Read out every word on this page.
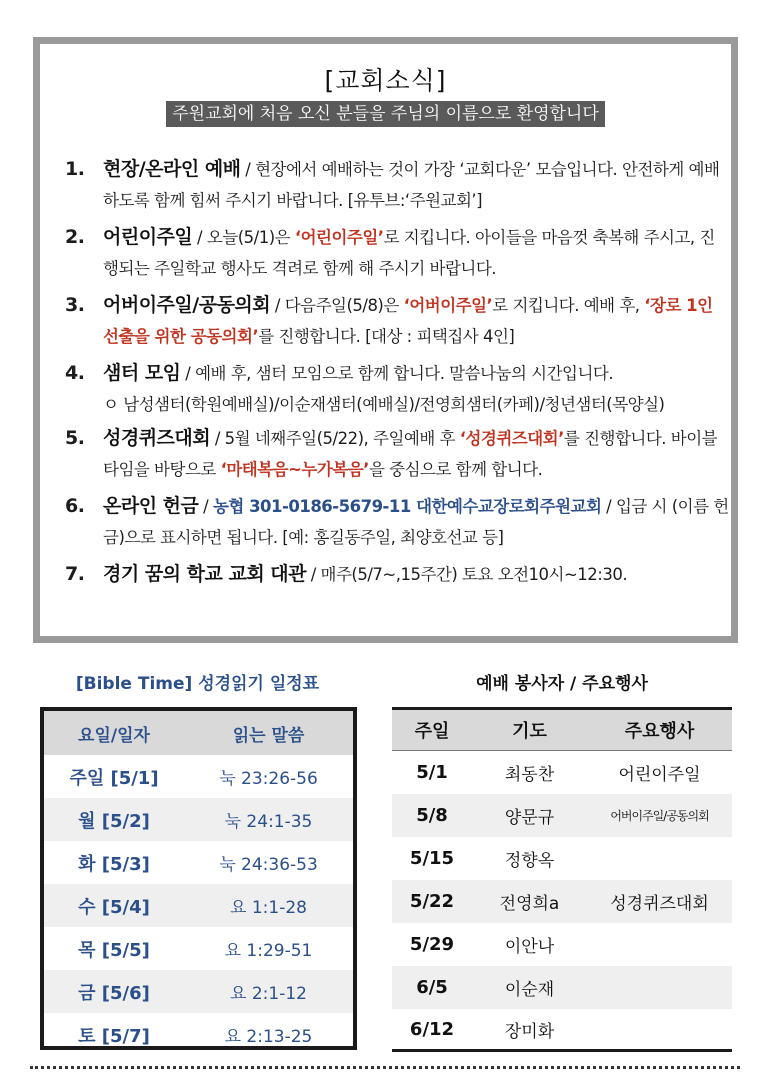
[교회소식]
주원교회에 처음 오신 분들을 주님의 이름으로 환영합니다
1. 현장/온라인 예배 / 현장에서 예배하는 것이 가장 ‘교회다운’ 모습입니다. 안전하게 예배하도록 함께 힘써 주시기 바랍니다. [유투브:‘주원교회’]
2. 어린이주일 / 오늘(5/1)은 ‘어린이주일’로 지킵니다. 아이들을 마음껏 축복해 주시고, 진행되는 주일학교 행사도 격려로 함께 해 주시기 바랍니다.
3. 어버이주일/공동의회 / 다음주일(5/8)은 ‘어버이주일’로 지킵니다. 예배 후, ‘장로 1인 선출을 위한 공동의회’를 진행합니다. [대상 : 피택집사 4인]
4. 샘터 모임 / 예배 후, 샘터 모임으로 함께 합니다. 말씀나눔의 시간입니다.
ㅇ 남성샘터(학원예배실)/이순재샘터(예배실)/전영희샘터(카페)/청년샘터(목양실)
5. 성경퀴즈대회 / 5월 네째주일(5/22), 주일예배 후 ‘성경퀴즈대회’를 진행합니다. 바이블타임을 바탕으로 ‘마태복음~누가복음’을 중심으로 함께 합니다.
6. 온라인 헌금 / 농협 301-0186-5679-11 대한예수교장로회주원교회 / 입금 시 (이름 헌금)으로 표시하면 됩니다. [예: 홍길동주일, 최양호선교 등]
7. 경기 꿈의 학교 교회 대관 / 매주(5/7~,15주간) 토요 오전10시~12:30.
[Bible Time] 성경읽기 일정표
요일/일자	읽는 말씀
주일 [5/1]	눅 23:26-56
월 [5/2]	눅 24:1-35
화 [5/3]	눅 24:36-53
수 [5/4]	요 1:1-28
목 [5/5]	요 1:29-51
금 [5/6]	요 2:1-12
토 [5/7]	요 2:13-25
예배 봉사자 / 주요행사
주일	기도	주요행사
5/1	최동찬	어린이주일
5/8	양문규	어버이주일/공동의회
5/15	정향옥
5/22	전영희a	성경퀴즈대회
5/29	이안나
6/5	이순재
6/12	장미화
